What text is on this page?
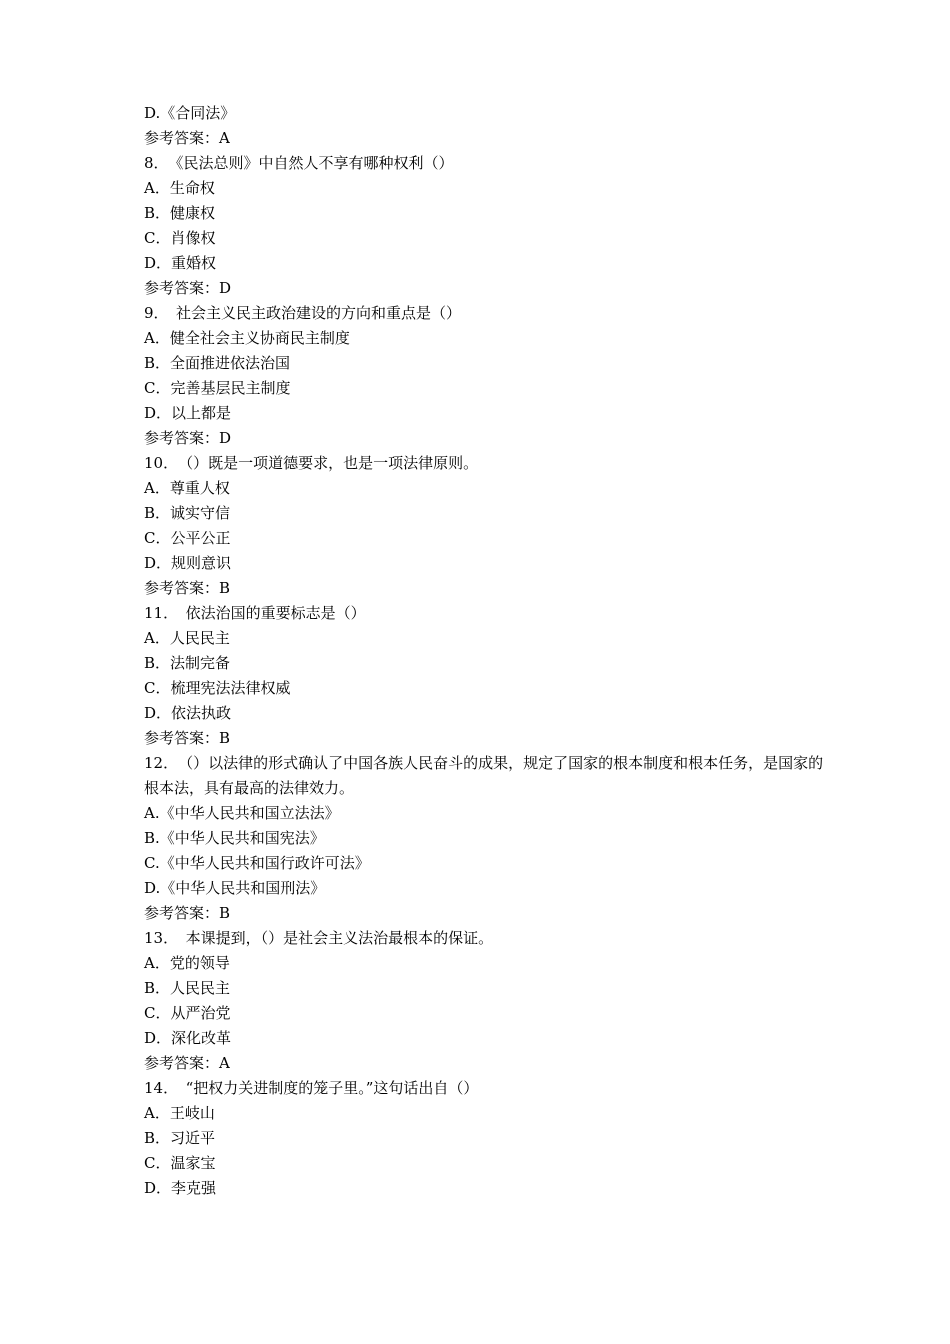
D.《合同法》
参考答案：A
8．　《民法总则》中自然人不享有哪种权利（）
A．生命权
B．健康权
C．肖像权
D．重婚权
参考答案：D
9．　社会主义民主政治建设的方向和重点是（）
A．健全社会主义协商民主制度
B．全面推进依法治国
C．完善基层民主制度
D．以上都是
参考答案：D
10．　（）既是一项道德要求，也是一项法律原则。
A．尊重人权
B．诚实守信
C．公平公正
D．规则意识
参考答案：B
11．　依法治国的重要标志是（）
A．人民民主
B．法制完备
C．梳理宪法法律权威
D．依法执政
参考答案：B
12．　（）以法律的形式确认了中国各族人民奋斗的成果，规定了国家的根本制度和根本任务，是国家的根本法，具有最高的法律效力。
A.《中华人民共和国立法法》
B.《中华人民共和国宪法》
C.《中华人民共和国行政许可法》
D.《中华人民共和国刑法》
参考答案：B
13．　本课提到，（）是社会主义法治最根本的保证。
A．党的领导
B．人民民主
C．从严治党
D．深化改革
参考答案：A
14．　“把权力关进制度的笼子里。”这句话出自（）
A．王岐山
B．习近平
C．温家宝
D．李克强
